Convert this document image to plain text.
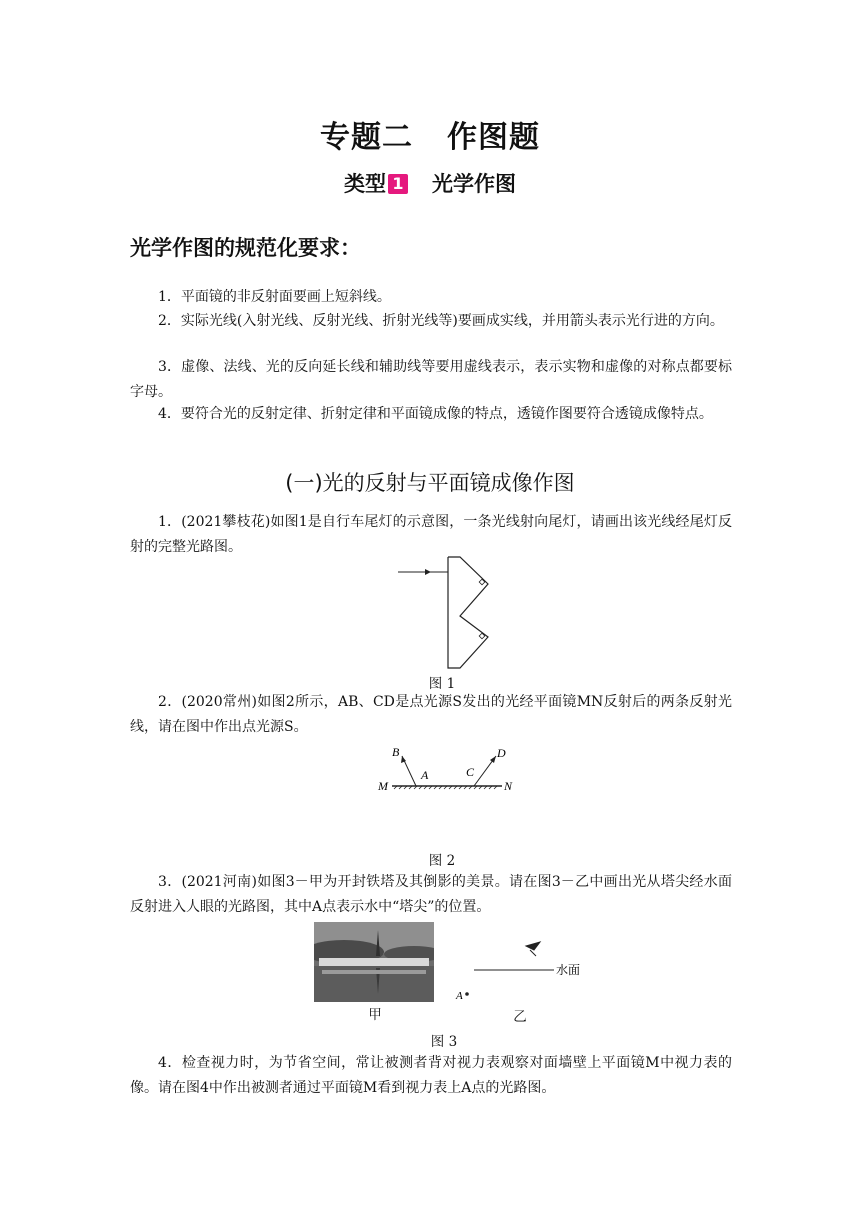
专题二 作图题
类型 1 光学作图
光学作图的规范化要求：
1．平面镜的非反射面要画上短斜线。
2．实际光线(入射光线、反射光线、折射光线等)要画成实线，并用箭头表示光行进的方向。
3．虚像、法线、光的反向延长线和辅助线等要用虚线表示，表示实物和虚像的对称点都要标字母。
4．要符合光的反射定律、折射定律和平面镜成像的特点，透镜作图要符合透镜成像特点。
(一)光的反射与平面镜成像作图
1．(2021攀枝花)如图1是自行车尾灯的示意图，一条光线射向尾灯，请画出该光线经尾灯反射的完整光路图。
图 1
2．(2020常州)如图2所示，AB、CD是点光源S发出的光经平面镜MN反射后的两条反射光线，请在图中作出点光源S。
B
A	C
D
M	N
图 2
3．(2021河南)如图3－甲为开封铁塔及其倒影的美景。请在图3－乙中画出光从塔尖经水面反射进入人眼的光路图，其中A点表示水中“塔尖”的位置。
水面
A
甲	乙
图 3
4．检查视力时，为节省空间，常让被测者背对视力表观察对面墙壁上平面镜M中视力表的像。请在图4中作出被测者通过平面镜M看到视力表上A点的光路图。
